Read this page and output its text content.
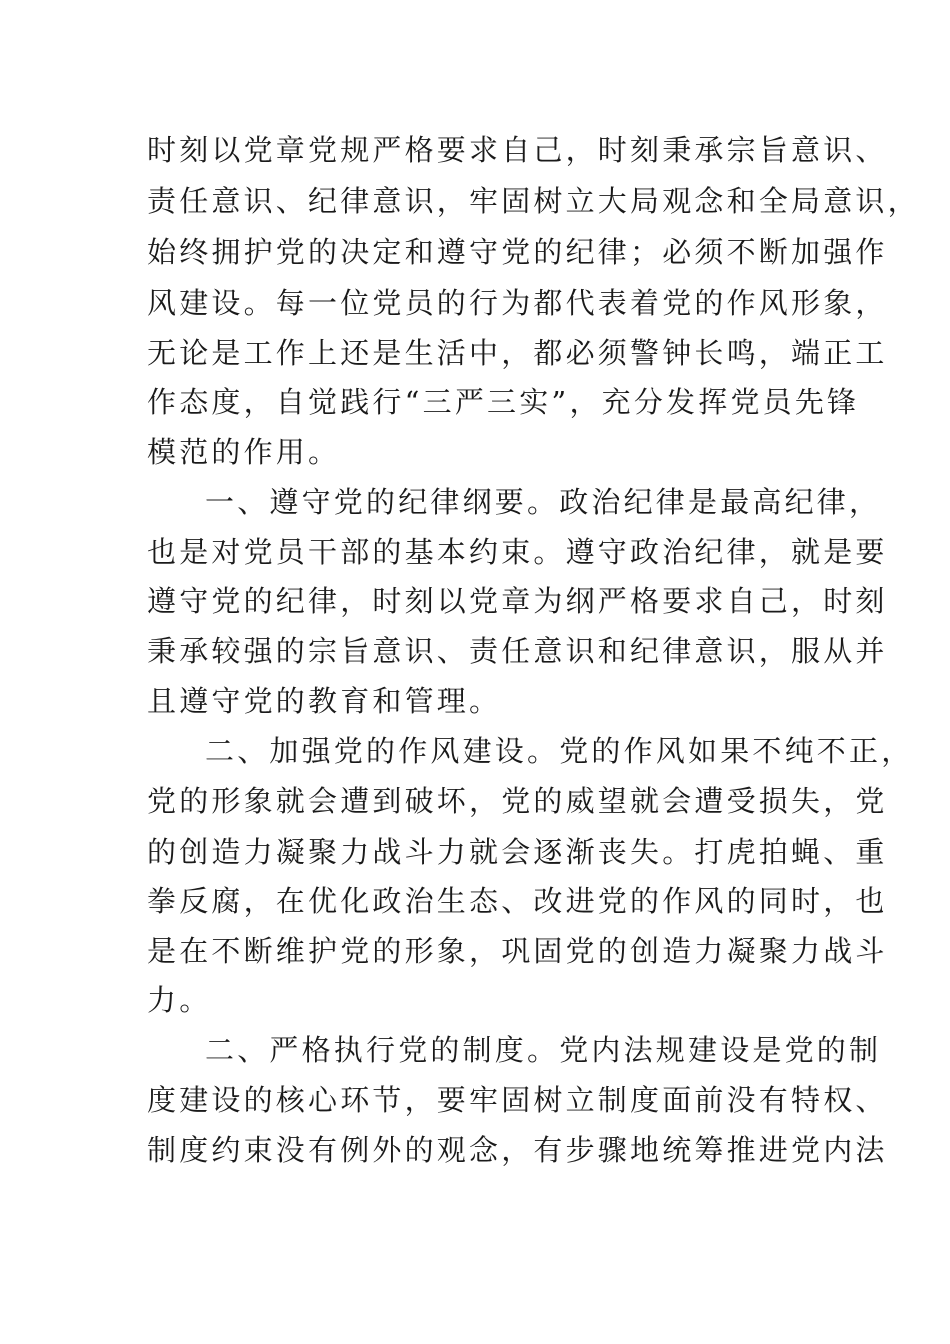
时刻以党章党规严格要求自己，时刻秉承宗旨意识、
责任意识、纪律意识，牢固树立大局观念和全局意识，
始终拥护党的决定和遵守党的纪律；必须不断加强作
风建设。每一位党员的行为都代表着党的作风形象，
无论是工作上还是生活中，都必须警钟长鸣，端正工
作态度，自觉践行“三严三实”，充分发挥党员先锋
模范的作用。
一、遵守党的纪律纲要。政治纪律是最高纪律，
也是对党员干部的基本约束。遵守政治纪律，就是要
遵守党的纪律，时刻以党章为纲严格要求自己，时刻
秉承较强的宗旨意识、责任意识和纪律意识，服从并
且遵守党的教育和管理。
二、加强党的作风建设。党的作风如果不纯不正，
党的形象就会遭到破坏，党的威望就会遭受损失，党
的创造力凝聚力战斗力就会逐渐丧失。打虎拍蝇、重
拳反腐，在优化政治生态、改进党的作风的同时，也
是在不断维护党的形象，巩固党的创造力凝聚力战斗
力。
二、严格执行党的制度。党内法规建设是党的制
度建设的核心环节，要牢固树立制度面前没有特权、
制度约束没有例外的观念，有步骤地统筹推进党内法
